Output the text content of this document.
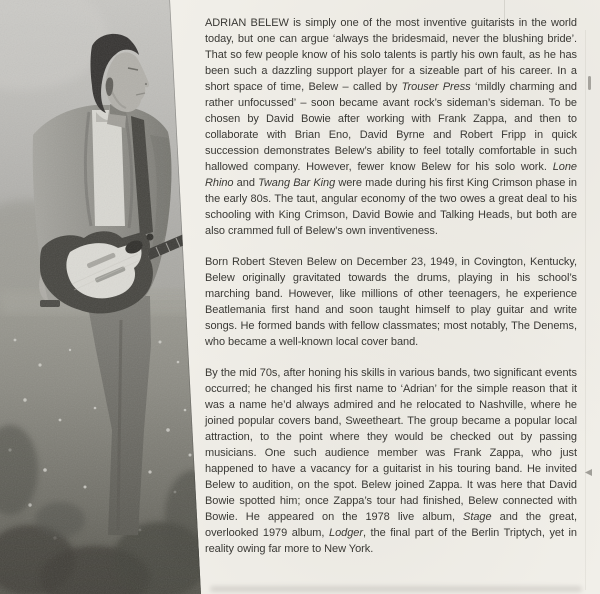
ADRIAN BELEW is simply one of the most inventive guitarists in the world today, but one can argue ‘always the bridesmaid, never the blushing bride’. That so few people know of his solo talents is partly his own fault, as he has been such a dazzling support player for a sizeable part of his career. In a short space of time, Belew – called by Trouser Press ‘mildly charming and rather unfocussed’ – soon became avant rock’s sideman’s sideman. To be chosen by David Bowie after working with Frank Zappa, and then to collaborate with Brian Eno, David Byrne and Robert Fripp in quick succession demonstrates Belew’s ability to feel totally comfortable in such hallowed company. However, fewer know Belew for his solo work. Lone Rhino and Twang Bar King were made during his first King Crimson phase in the early 80s. The taut, angular economy of the two owes a great deal to his schooling with King Crimson, David Bowie and Talking Heads, but both are also crammed full of Belew’s own inventiveness.

Born Robert Steven Belew on December 23, 1949, in Covington, Kentucky, Belew originally gravitated towards the drums, playing in his school’s marching band. However, like millions of other teenagers, he experience Beatlemania first hand and soon taught himself to play guitar and write songs. He formed bands with fellow classmates; most notably, The Denems, who became a well-known local cover band.

By the mid 70s, after honing his skills in various bands, two significant events occurred; he changed his first name to ‘Adrian’ for the simple reason that it was a name he’d always admired and he relocated to Nashville, where he joined popular covers band, Sweetheart. The group became a popular local attraction, to the point where they would be checked out by passing musicians. One such audience member was Frank Zappa, who just happened to have a vacancy for a guitarist in his touring band. He invited Belew to audition, on the spot. Belew joined Zappa. It was here that David Bowie spotted him; once Zappa’s tour had finished, Belew connected with Bowie. He appeared on the 1978 live album, Stage and the great, overlooked 1979 album, Lodger, the final part of the Berlin Triptych, yet in reality owing far more to New York.
